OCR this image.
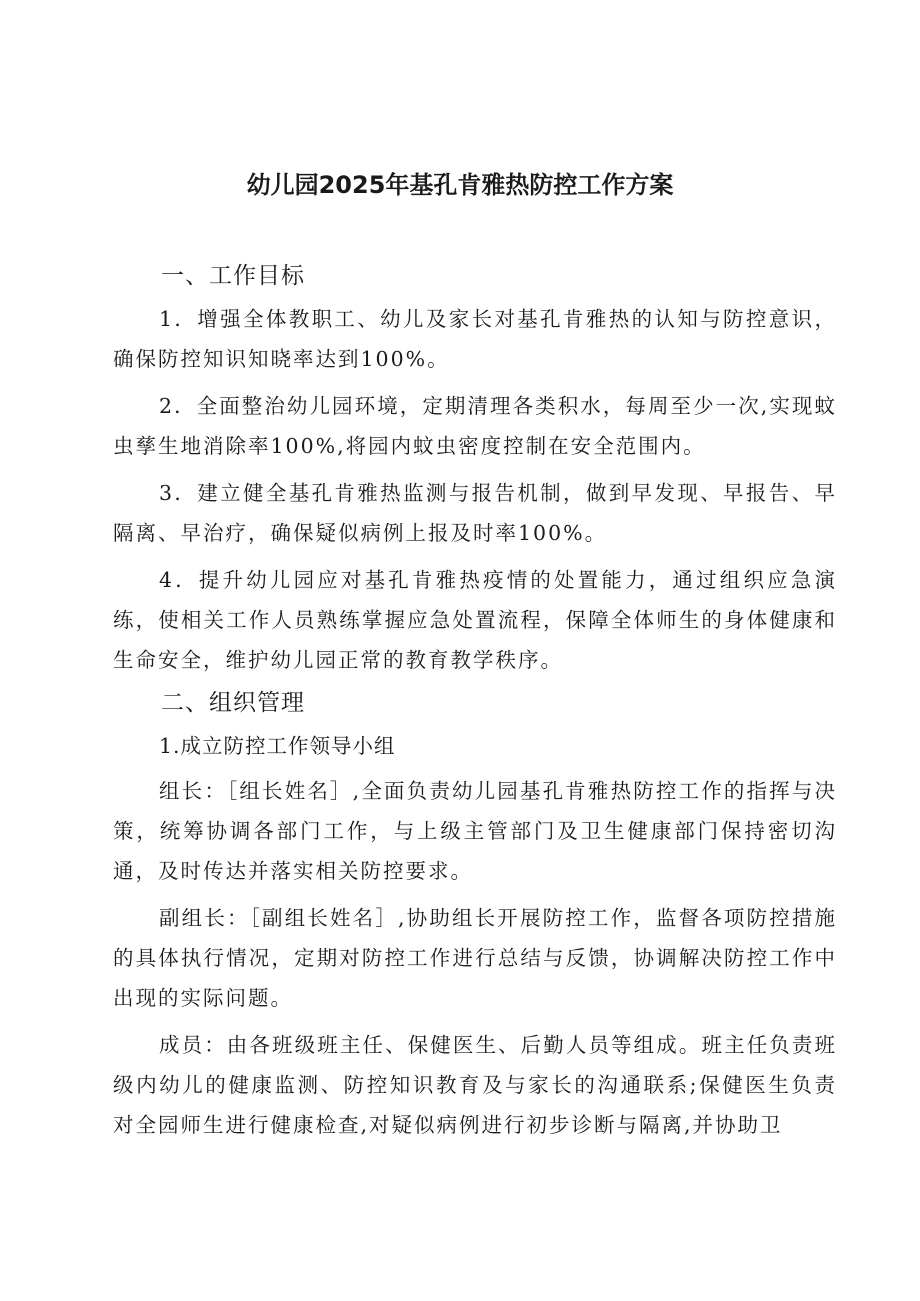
幼儿园2025年基孔肯雅热防控工作方案
一、工作目标

1．增强全体教职工、幼儿及家长对基孔肯雅热的认知与防控意识，确保防控知识知晓率达到100%。

2．全面整治幼儿园环境，定期清理各类积水，每周至少一次,实现蚊虫孳生地消除率100%,将园内蚊虫密度控制在安全范围内。

3．建立健全基孔肯雅热监测与报告机制，做到早发现、早报告、早隔离、早治疗，确保疑似病例上报及时率100%。

4．提升幼儿园应对基孔肯雅热疫情的处置能力，通过组织应急演练，使相关工作人员熟练掌握应急处置流程，保障全体师生的身体健康和生命安全，维护幼儿园正常的教育教学秩序。

二、组织管理

1.成立防控工作领导小组

组长：［组长姓名］,全面负责幼儿园基孔肯雅热防控工作的指挥与决策，统筹协调各部门工作，与上级主管部门及卫生健康部门保持密切沟通，及时传达并落实相关防控要求。

副组长：［副组长姓名］,协助组长开展防控工作，监督各项防控措施的具体执行情况，定期对防控工作进行总结与反馈，协调解决防控工作中出现的实际问题。

成员：由各班级班主任、保健医生、后勤人员等组成。班主任负责班级内幼儿的健康监测、防控知识教育及与家长的沟通联系;保健医生负责对全园师生进行健康检查,对疑似病例进行初步诊断与隔离,并协助卫
